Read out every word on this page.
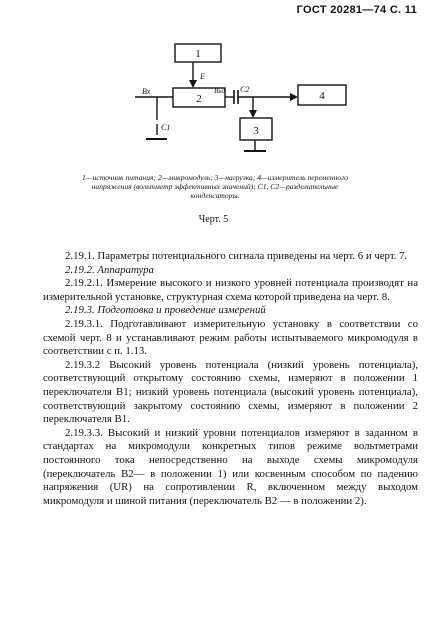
ГОСТ 20281—74 С. 11
1
2
3
4
E
Вх	Вых С2
С1
1—источник питания; 2—микромодуль; 3—нагрузка; 4—измеритель переменного напряжения (вольтметр эффективных значений); С1, С2—разделительные конденсаторы.
Черт. 5

2.19.1. Параметры потенциального сигнала приведены на черт. 6 и черт. 7.

2.19.2. Аппаратура

2.19.2.1. Измерение высокого и низкого уровней потенциала производят на измерительной установке, структурная схема которой приведена на черт. 8.

2.19.3. Подготовка и проведение измерений

2.19.3.1. Подготавливают измерительную установку в соответствии со схемой черт. 8 и устанавливают режим работы испытываемого микромодуля в соответствии с п. 1.13.

2.19.3.2 Высокий уровень потенциала (низкий уровень потенциала), соответствующий открытому состоянию схемы, измеряют в положении 1 переключателя В1; низкий уровень потенциала (высокий уровень потенциала), соответствующий закрытому состоянию схемы, измеряют в положении 2 переключателя В1.

2.19.3.3. Высокий и низкий уровни потенциалов измеряют в заданном в стандартах на микромодули конкретных типов режиме вольтметрами постоянного тока непосредственно на выходе схемы микромодуля (переключатель В2— в положении 1) или косвенным способом по падению напряжения (UR) на сопротивлении R, включенном между выходом микромодуля и шиной питания (переключатель В2 — в положении 2).
